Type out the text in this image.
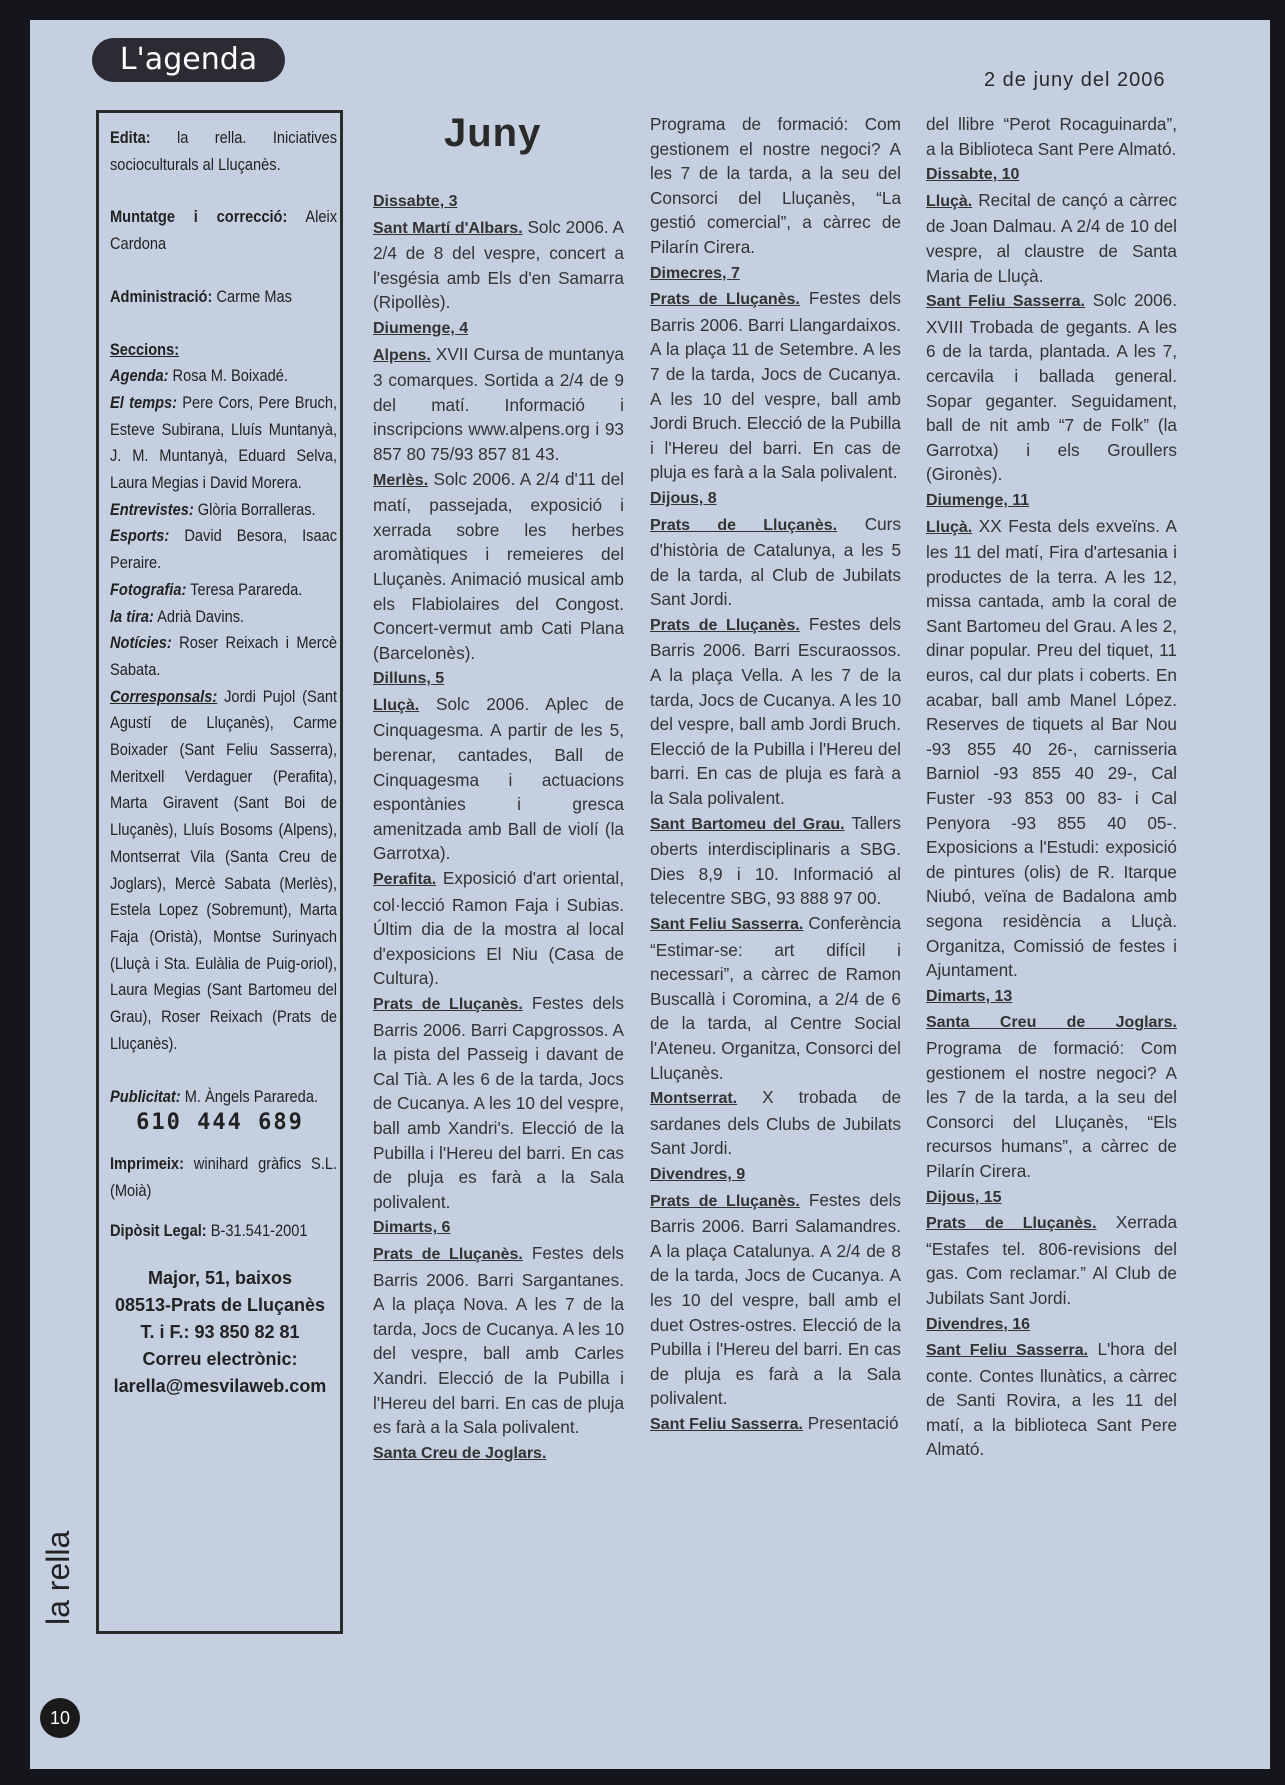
L'agenda
2 de juny del 2006

Edita: la rella. Iniciatives socioculturals al Lluçanès.

Muntatge i correcció: Aleix Cardona

Administració: Carme Mas

Seccions:

Agenda: Rosa M. Boixadé.

El temps: Pere Cors, Pere Bruch, Esteve Subirana, Lluís Muntanyà, J. M. Muntanyà, Eduard Selva, Laura Megias i David Morera.

Entrevistes: Glòria Borralleras.

Esports: David Besora, Isaac Peraire.

Fotografia: Teresa Parareda.

la tira: Adrià Davins.

Notícies: Roser Reixach i Mercè Sabata.

Corresponsals: Jordi Pujol (Sant Agustí de Lluçanès), Carme Boixader (Sant Feliu Sasserra), Meritxell Verdaguer (Perafita), Marta Giravent (Sant Boi de Lluçanès), Lluís Bosoms (Alpens), Montserrat Vila (Santa Creu de Joglars), Mercè Sabata (Merlès), Estela Lopez (Sobremunt), Marta Faja (Oristà), Montse Surinyach (Lluçà i Sta. Eulàlia de Puig-oriol), Laura Megias (Sant Bartomeu del Grau), Roser Reixach (Prats de Lluçanès).

Publicitat: M. Àngels Parareda.

610 444 689

Imprimeix: winihard gràfics S.L. (Moià)

Dipòsit Legal: B-31.541-2001

Major, 51, baixos

08513-Prats de Lluçanès

T. i F.: 93 850 82 81

Correu electrònic:

larella@mesvilaweb.com

la rella
10
Juny

Dissabte, 3

Sant Martí d'Albars. Solc 2006. A 2/4 de 8 del vespre, concert a l'esgésia amb Els d'en Samarra (Ripollès).

Diumenge, 4

Alpens. XVII Cursa de muntanya 3 comarques. Sortida a 2/4 de 9 del matí. Informació i inscripcions www.alpens.org i 93 857 80 75/93 857 81 43.

Merlès. Solc 2006. A 2/4 d'11 del matí, passejada, exposició i xerrada sobre les herbes aromàtiques i remeieres del Lluçanès. Animació musical amb els Flabiolaires del Congost. Concert-vermut amb Cati Plana (Barcelonès).

Dilluns, 5

Lluçà. Solc 2006. Aplec de Cinquagesma. A partir de les 5, berenar, cantades, Ball de Cinquagesma i actuacions espontànies i gresca amenitzada amb Ball de violí (la Garrotxa).

Perafita. Exposició d'art oriental, col·lecció Ramon Faja i Subias. Últim dia de la mostra al local d'exposicions El Niu (Casa de Cultura).

Prats de Lluçanès. Festes dels Barris 2006. Barri Capgrossos. A la pista del Passeig i davant de Cal Tià. A les 6 de la tarda, Jocs de Cucanya. A les 10 del vespre, ball amb Xandri's. Elecció de la Pubilla i l'Hereu del barri. En cas de pluja es farà a la Sala polivalent.

Dimarts, 6

Prats de Lluçanès. Festes dels Barris 2006. Barri Sargantanes. A la plaça Nova. A les 7 de la tarda, Jocs de Cucanya. A les 10 del vespre, ball amb Carles Xandri. Elecció de la Pubilla i l'Hereu del barri. En cas de pluja es farà a la Sala polivalent.

Santa Creu de Joglars.

Programa de formació: Com gestionem el nostre negoci? A les 7 de la tarda, a la seu del Consorci del Lluçanès, “La gestió comercial”, a càrrec de Pilarín Cirera.

Dimecres, 7

Prats de Lluçanès. Festes dels Barris 2006. Barri Llangardaixos. A la plaça 11 de Setembre. A les 7 de la tarda, Jocs de Cucanya. A les 10 del vespre, ball amb Jordi Bruch. Elecció de la Pubilla i l'Hereu del barri. En cas de pluja es farà a la Sala polivalent.

Dijous, 8

Prats de Lluçanès. Curs d'història de Catalunya, a les 5 de la tarda, al Club de Jubilats Sant Jordi.

Prats de Lluçanès. Festes dels Barris 2006. Barri Escuraossos. A la plaça Vella. A les 7 de la tarda, Jocs de Cucanya. A les 10 del vespre, ball amb Jordi Bruch. Elecció de la Pubilla i l'Hereu del barri. En cas de pluja es farà a la Sala polivalent.

Sant Bartomeu del Grau. Tallers oberts interdisciplinaris a SBG. Dies 8,9 i 10. Informació al telecentre SBG, 93 888 97 00.

Sant Feliu Sasserra. Conferència “Estimar-se: art difícil i necessari”, a càrrec de Ramon Buscallà i Coromina, a 2/4 de 6 de la tarda, al Centre Social l'Ateneu. Organitza, Consorci del Lluçanès.

Montserrat. X trobada de sardanes dels Clubs de Jubilats Sant Jordi.

Divendres, 9

Prats de Lluçanès. Festes dels Barris 2006. Barri Salamandres. A la plaça Catalunya. A 2/4 de 8 de la tarda, Jocs de Cucanya. A les 10 del vespre, ball amb el duet Ostres-ostres. Elecció de la Pubilla i l'Hereu del barri. En cas de pluja es farà a la Sala polivalent.

Sant Feliu Sasserra. Presentació

del llibre “Perot Rocaguinarda”, a la Biblioteca Sant Pere Almató.

Dissabte, 10

Lluçà. Recital de cançó a càrrec de Joan Dalmau. A 2/4 de 10 del vespre, al claustre de Santa Maria de Lluçà.

Sant Feliu Sasserra. Solc 2006. XVIII Trobada de gegants. A les 6 de la tarda, plantada. A les 7, cercavila i ballada general. Sopar geganter. Seguidament, ball de nit amb “7 de Folk” (la Garrotxa) i els Groullers (Gironès).

Diumenge, 11

Lluçà. XX Festa dels exveïns. A les 11 del matí, Fira d'artesania i productes de la terra. A les 12, missa cantada, amb la coral de Sant Bartomeu del Grau. A les 2, dinar popular. Preu del tiquet, 11 euros, cal dur plats i coberts. En acabar, ball amb Manel López. Reserves de tiquets al Bar Nou -93 855 40 26-, carnisseria Barniol -93 855 40 29-, Cal Fuster -93 853 00 83- i Cal Penyora -93 855 40 05-. Exposicions a l'Estudi: exposició de pintures (olis) de R. Itarque Niubó, veïna de Badalona amb segona residència a Lluçà. Organitza, Comissió de festes i Ajuntament.

Dimarts, 13

Santa Creu de Joglars. Programa de formació: Com gestionem el nostre negoci? A les 7 de la tarda, a la seu del Consorci del Lluçanès, “Els recursos humans”, a càrrec de Pilarín Cirera.

Dijous, 15

Prats de Lluçanès. Xerrada “Estafes tel. 806-revisions del gas. Com reclamar.” Al Club de Jubilats Sant Jordi.

Divendres, 16

Sant Feliu Sasserra. L'hora del conte. Contes llunàtics, a càrrec de Santi Rovira, a les 11 del matí, a la biblioteca Sant Pere Almató.
